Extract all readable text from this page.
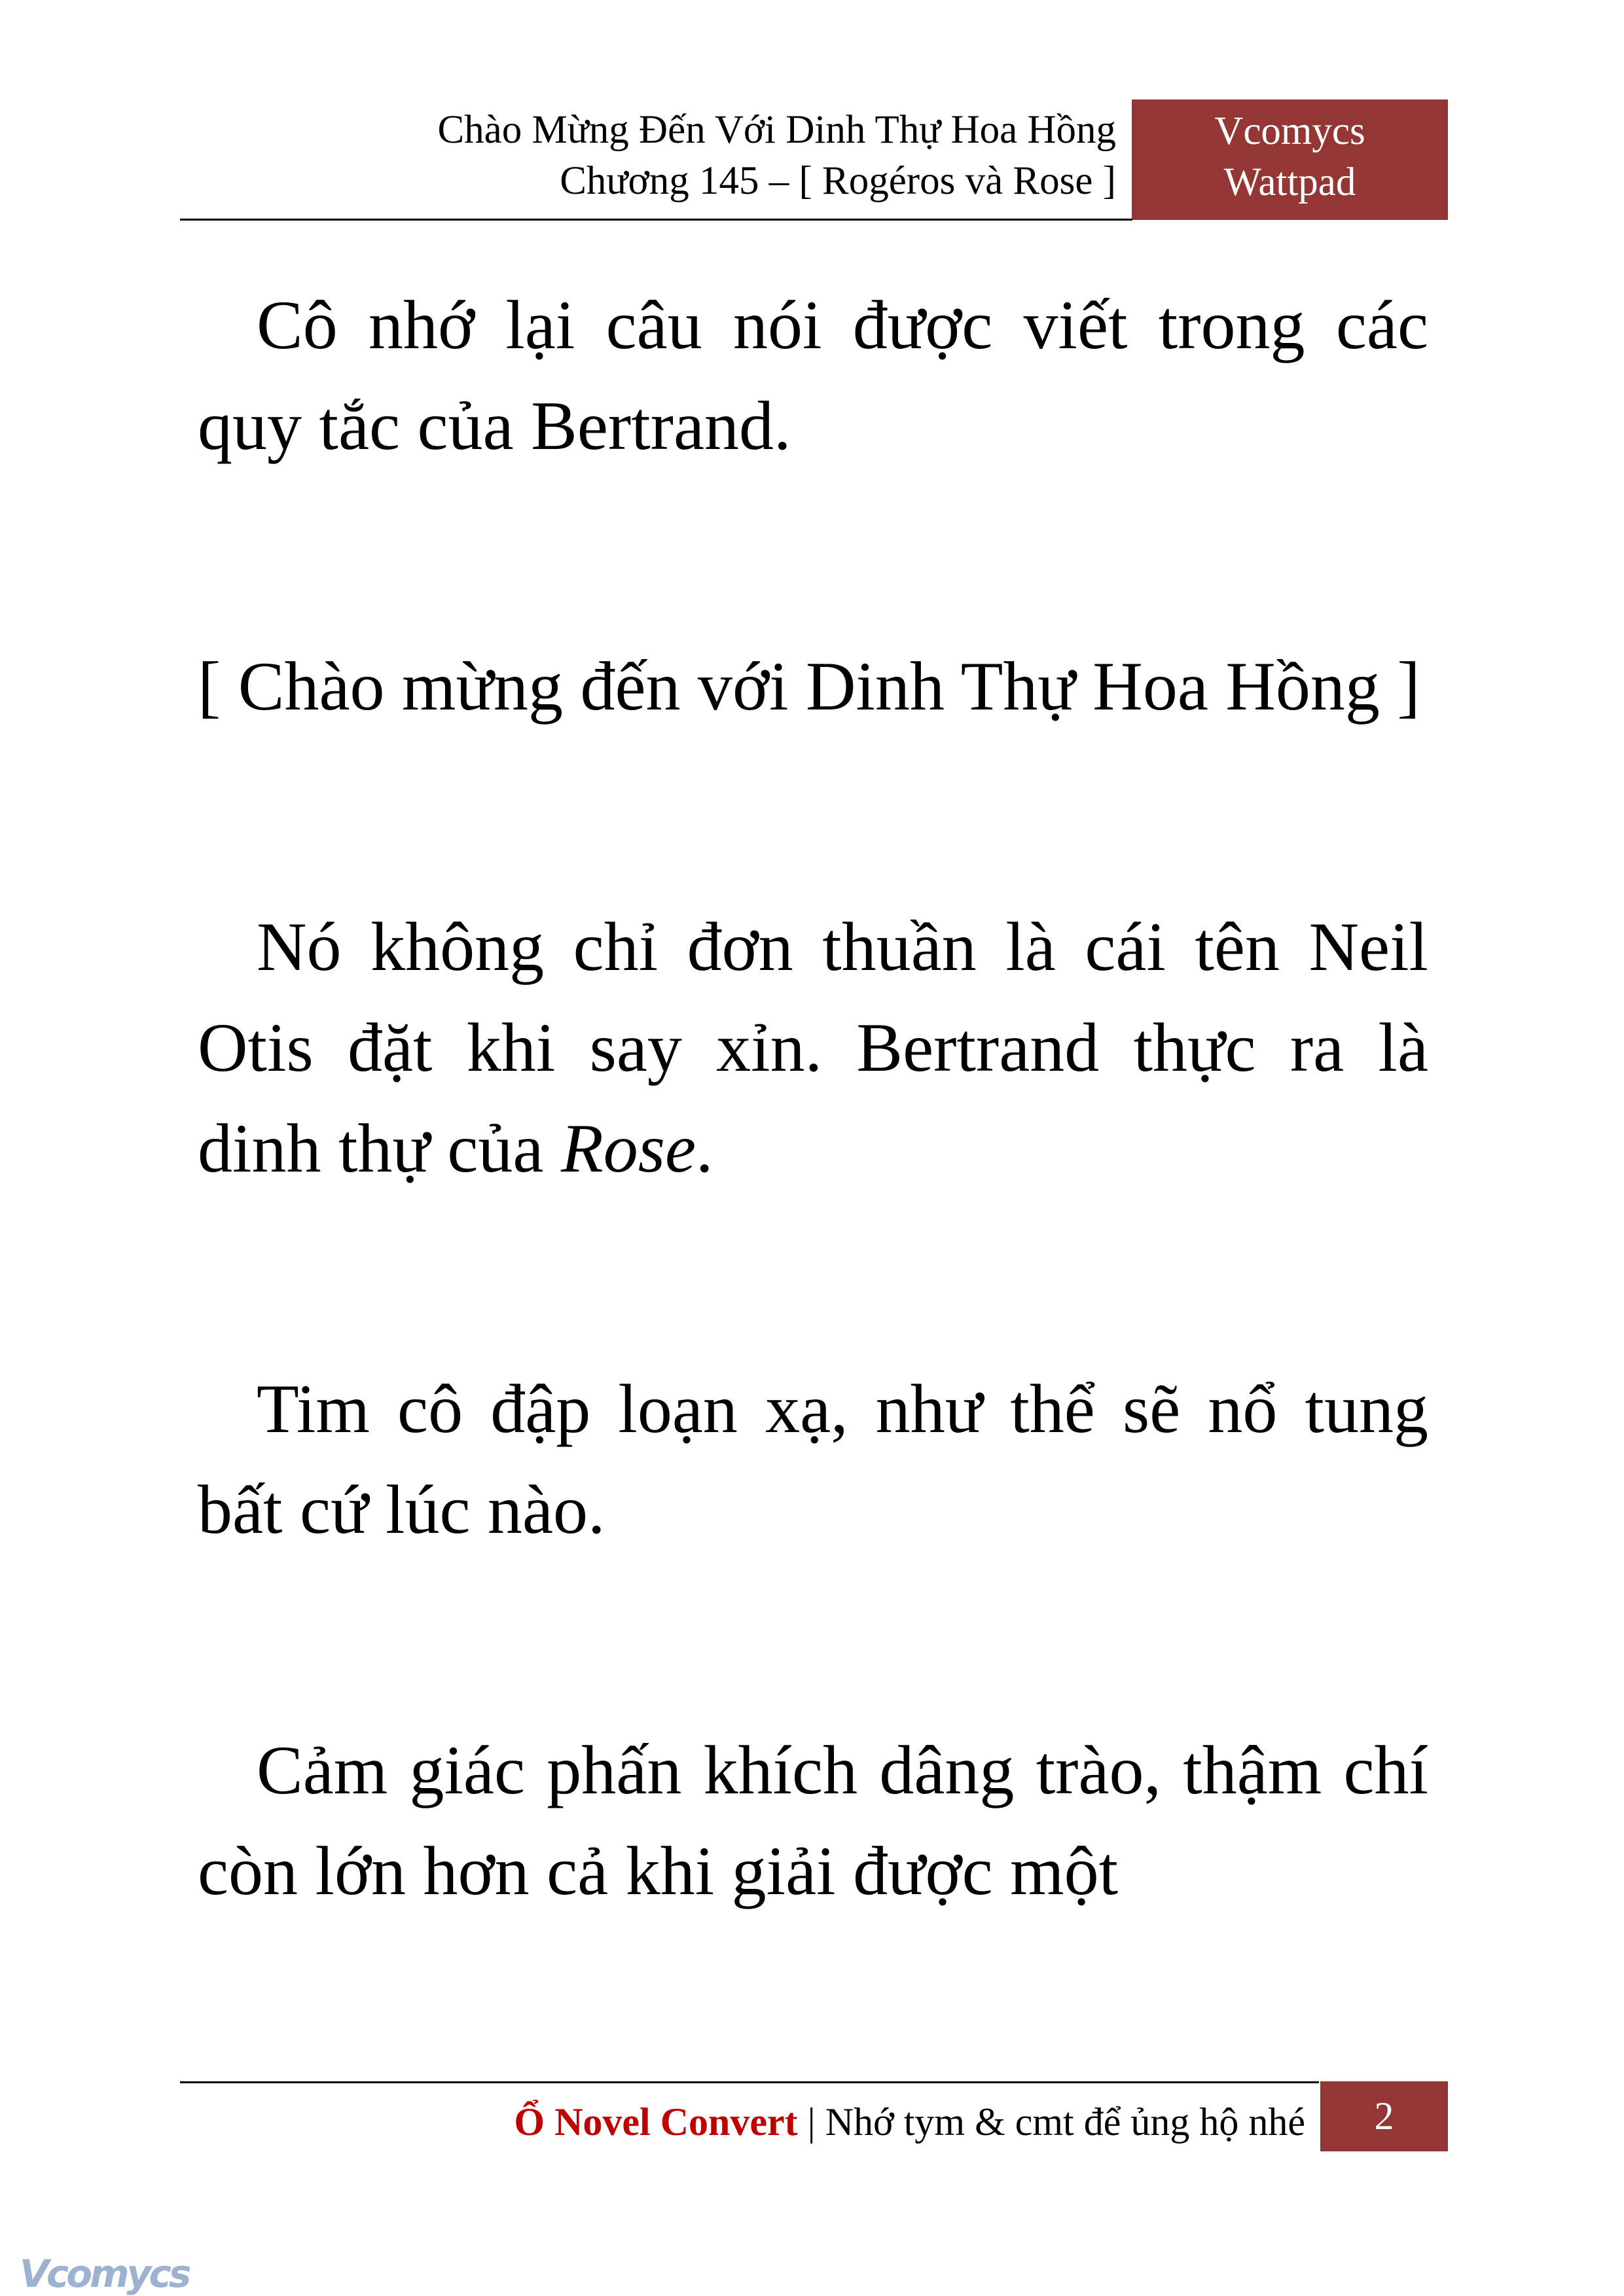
Chào Mừng Đến Với Dinh Thự Hoa Hồng
Chương 145 – [ Rogéros và Rose ]
Vcomycs
Wattpad

Cô nhớ lại câu nói được viết trong các quy tắc của Bertrand.

[ Chào mừng đến với Dinh Thự Hoa Hồng ]

Nó không chỉ đơn thuần là cái tên Neil Otis đặt khi say xỉn. Bertrand thực ra là dinh thự của Rose.

Tim cô đập loạn xạ, như thể sẽ nổ tung bất cứ lúc nào.

Cảm giác phấn khích dâng trào, thậm chí còn lớn hơn cả khi giải được một

Ổ Novel Convert | Nhớ tym & cmt để ủng hộ nhé	2
Vcomycs
